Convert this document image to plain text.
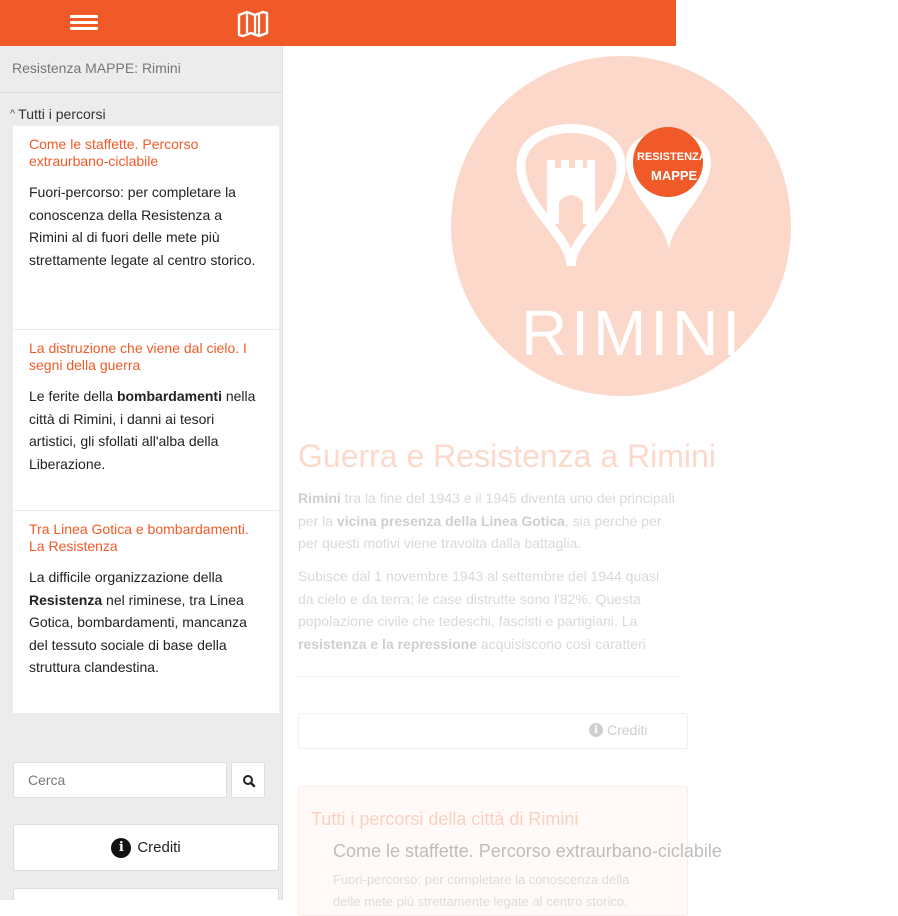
Resistenza MAPPE: Rimini
^ Tutti i percorsi
Come le staffette. Percorso extraurbano-ciclabile
Fuori-percorso: per completare la conoscenza della Resistenza a Rimini al di fuori delle mete più strettamente legate al centro storico.
La distruzione che viene dal cielo. I segni della guerra
Le ferite della bombardamenti nella città di Rimini, i danni ai tesori artistici, gli sfollati all'alba della Liberazione.
Tra Linea Gotica e bombardamenti. La Resistenza
La difficile organizzazione della Resistenza nel riminese, tra Linea Gotica, bombardamenti, mancanza del tessuto sociale di base della struttura clandestina.
Cerca
i Crediti
RESISTENZA
MAPPE
RIMINI
Guerra e Resistenza a Rimini
Rimini tra la fine del 1943 e il 1945 diventa uno dei principali
per la vicina presenza della Linea Gotica, sia perché per
per questi motivi viene travolta dalla battaglia.
Subisce dal 1 novembre 1943 al settembre del 1944 quasi
da cielo e da terra; le case distrutte sono l'82%. Questa
popolazione civile che tedeschi, fascisti e partigiani. La
resistenza e la repressione acquisiscono così caratteri
i Crediti
Tutti i percorsi della città di Rimini
Come le staffette. Percorso extraurbano-ciclabile
Fuori-percorso: per completare la conoscenza della
delle mete più strettamente legate al centro storico.
